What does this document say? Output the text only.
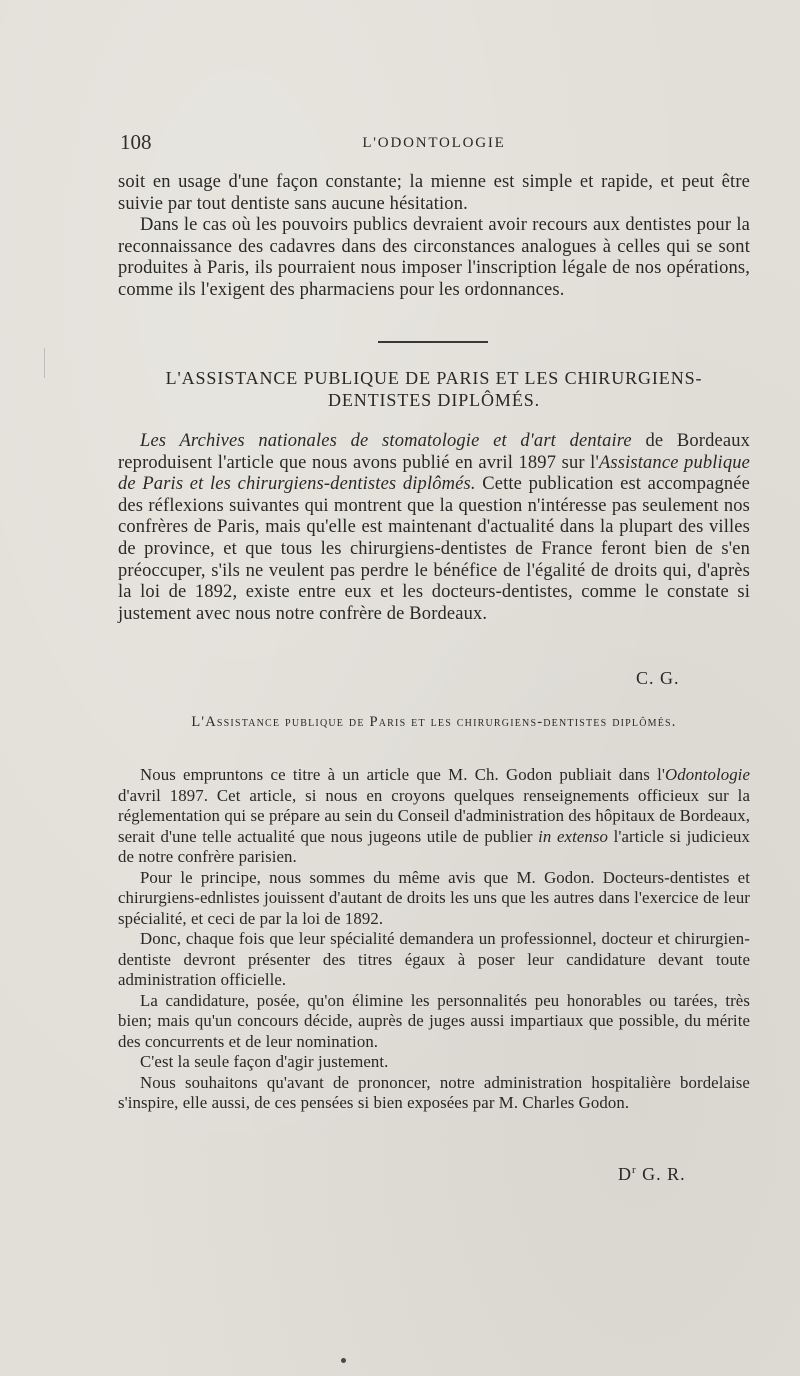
108	L'ODONTOLOGIE

soit en usage d'une façon constante; la mienne est simple et rapide, et peut être suivie par tout dentiste sans aucune hésitation.

Dans le cas où les pouvoirs publics devraient avoir recours aux dentistes pour la reconnaissance des cadavres dans des circonstances analogues à celles qui se sont produites à Paris, ils pourraient nous imposer l'inscription légale de nos opérations, comme ils l'exigent des pharmaciens pour les ordonnances.

L'ASSISTANCE PUBLIQUE DE PARIS ET LES CHIRURGIENS-DENTISTES DIPLÔMÉS.

Les Archives nationales de stomatologie et d'art dentaire de Bordeaux reproduisent l'article que nous avons publié en avril 1897 sur l'Assistance publique de Paris et les chirurgiens-dentistes diplômés. Cette publication est accompagnée des réflexions suivantes qui montrent que la question n'intéresse pas seulement nos confrères de Paris, mais qu'elle est maintenant d'actualité dans la plupart des villes de province, et que tous les chirurgiens-dentistes de France feront bien de s'en préoccuper, s'ils ne veulent pas perdre le bénéfice de l'égalité de droits qui, d'après la loi de 1892, existe entre eux et les docteurs-dentistes, comme le constate si justement avec nous notre confrère de Bordeaux.

C. G.
L'Assistance publique de Paris et les chirurgiens-dentistes diplômés.

Nous empruntons ce titre à un article que M. Ch. Godon publiait dans l'Odontologie d'avril 1897. Cet article, si nous en croyons quelques renseignements officieux sur la réglementation qui se prépare au sein du Conseil d'administration des hôpitaux de Bordeaux, serait d'une telle actualité que nous jugeons utile de publier in extenso l'article si judicieux de notre confrère parisien.

Pour le principe, nous sommes du même avis que M. Godon. Docteurs-dentistes et chirurgiens-ednlistes jouissent d'autant de droits les uns que les autres dans l'exercice de leur spécialité, et ceci de par la loi de 1892.

Donc, chaque fois que leur spécialité demandera un professionnel, docteur et chirurgien-dentiste devront présenter des titres égaux à poser leur candidature devant toute administration officielle.

La candidature, posée, qu'on élimine les personnalités peu honorables ou tarées, très bien; mais qu'un concours décide, auprès de juges aussi impartiaux que possible, du mérite des concurrents et de leur nomination.

C'est la seule façon d'agir justement.

Nous souhaitons qu'avant de prononcer, notre administration hospitalière bordelaise s'inspire, elle aussi, de ces pensées si bien exposées par M. Charles Godon.

$D^r$ G. R.
